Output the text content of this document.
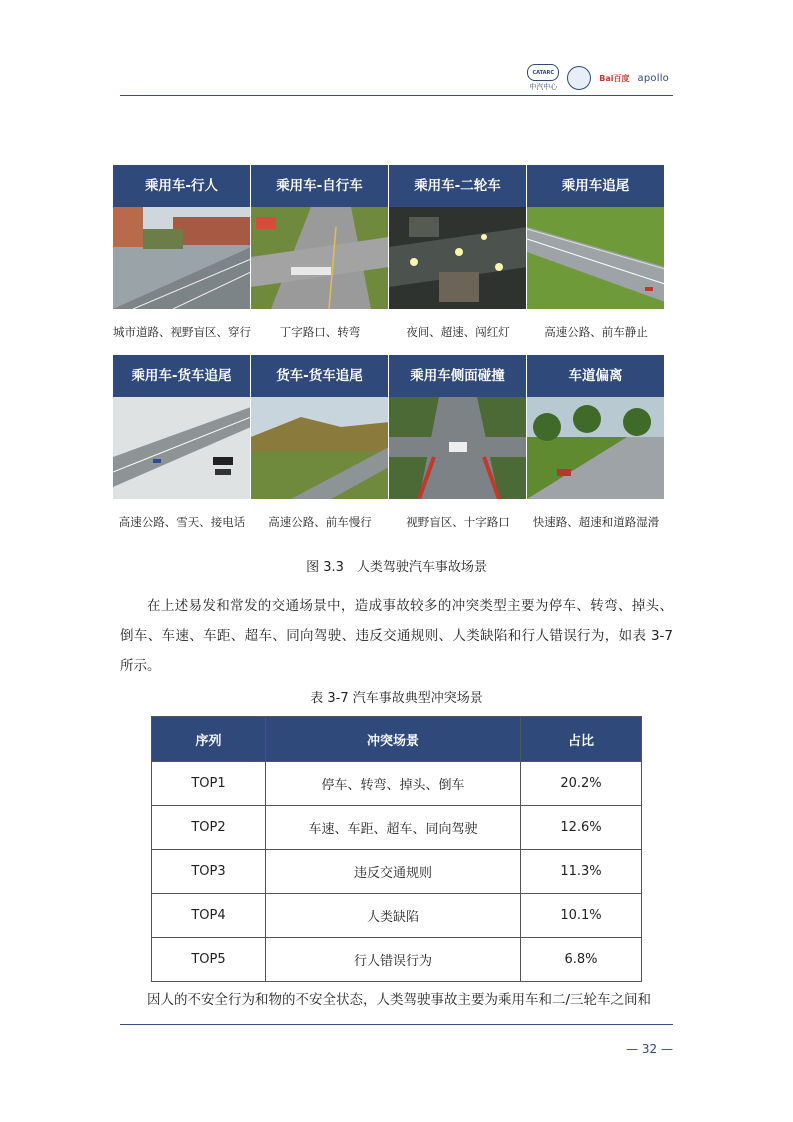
CATARC
中汽中心
Bai百度 apollo
乘用车-行人	乘用车-自行车	乘用车-二轮车	乘用车追尾
城市道路、视野盲区、穿行	丁字路口、转弯	夜间、超速、闯红灯	高速公路、前车静止
乘用车-货车追尾	货车-货车追尾	乘用车侧面碰撞	车道偏离
高速公路、雪天、接电话	高速公路、前车慢行	视野盲区、十字路口	快速路、超速和道路湿滑
图 3.3　人类驾驶汽车事故场景
在上述易发和常发的交通场景中，造成事故较多的冲突类型主要为停车、转弯、掉头、倒车、车速、车距、超车、同向驾驶、违反交通规则、人类缺陷和行人错误行为，如表 3-7 所示。
表 3-7 汽车事故典型冲突场景
序列	冲突场景	占比
TOP1	停车、转弯、掉头、倒车	20.2%
TOP2	车速、车距、超车、同向驾驶	12.6%
TOP3	违反交通规则	11.3%
TOP4	人类缺陷	10.1%
TOP5	行人错误行为	6.8%
因人的不安全行为和物的不安全状态，人类驾驶事故主要为乘用车和二/三轮车之间和
— 32 —
